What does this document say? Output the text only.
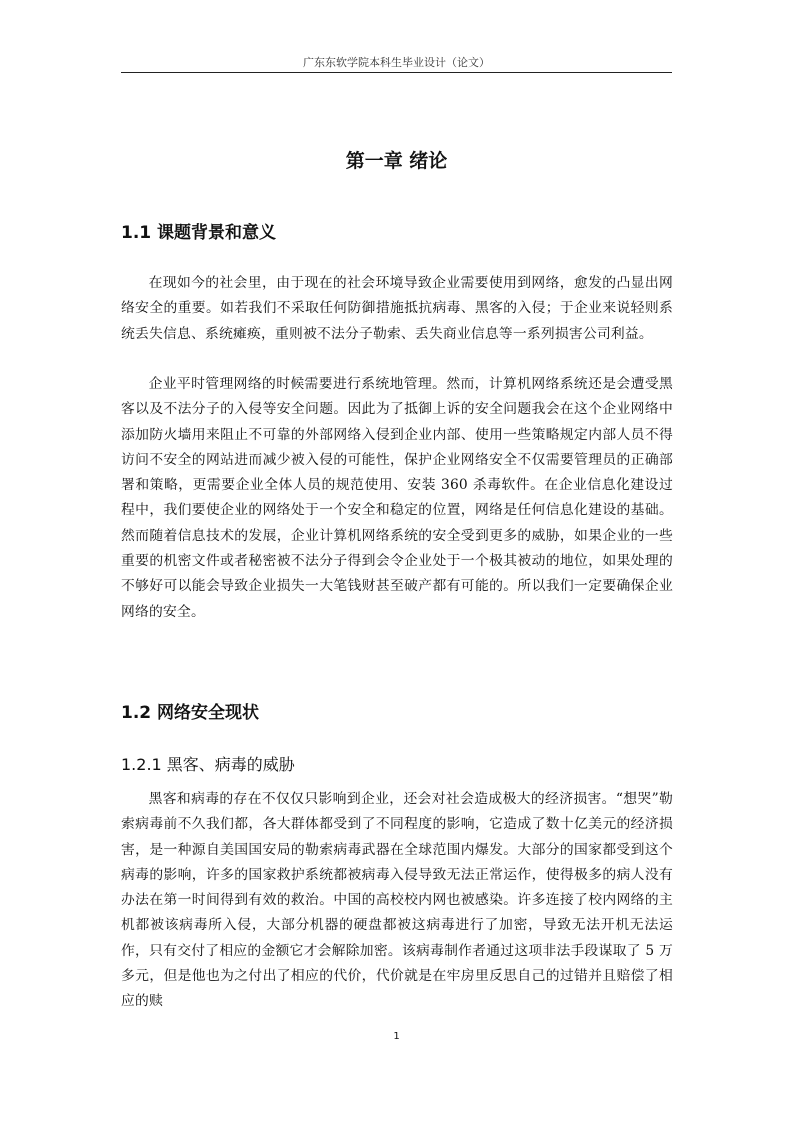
广东东软学院本科生毕业设计（论文）
第一章 绪论
1.1 课题背景和意义
在现如今的社会里，由于现在的社会环境导致企业需要使用到网络，愈发的凸显出网络安全的重要。如若我们不采取任何防御措施抵抗病毒、黑客的入侵；于企业来说轻则系统丢失信息、系统瘫痪，重则被不法分子勒索、丢失商业信息等一系列损害公司利益。
企业平时管理网络的时候需要进行系统地管理。然而，计算机网络系统还是会遭受黑客以及不法分子的入侵等安全问题。因此为了抵御上诉的安全问题我会在这个企业网络中添加防火墙用来阻止不可靠的外部网络入侵到企业内部、使用一些策略规定内部人员不得访问不安全的网站进而减少被入侵的可能性，保护企业网络安全不仅需要管理员的正确部署和策略，更需要企业全体人员的规范使用、安装 360 杀毒软件。在企业信息化建设过程中，我们要使企业的网络处于一个安全和稳定的位置，网络是任何信息化建设的基础。然而随着信息技术的发展，企业计算机网络系统的安全受到更多的威胁，如果企业的一些重要的机密文件或者秘密被不法分子得到会令企业处于一个极其被动的地位，如果处理的不够好可以能会导致企业损失一大笔钱财甚至破产都有可能的。所以我们一定要确保企业网络的安全。
1.2 网络安全现状
1.2.1 黑客、病毒的威胁
黑客和病毒的存在不仅仅只影响到企业，还会对社会造成极大的经济损害。“想哭”勒索病毒前不久我们都，各大群体都受到了不同程度的影响，它造成了数十亿美元的经济损害，是一种源自美国国安局的勒索病毒武器在全球范围内爆发。大部分的国家都受到这个病毒的影响，许多的国家救护系统都被病毒入侵导致无法正常运作，使得极多的病人没有办法在第一时间得到有效的救治。中国的高校校内网也被感染。许多连接了校内网络的主机都被该病毒所入侵，大部分机器的硬盘都被这病毒进行了加密，导致无法开机无法运作，只有交付了相应的金额它才会解除加密。该病毒制作者通过这项非法手段谋取了 5 万多元，但是他也为之付出了相应的代价，代价就是在牢房里反思自己的过错并且赔偿了相应的赎
1
